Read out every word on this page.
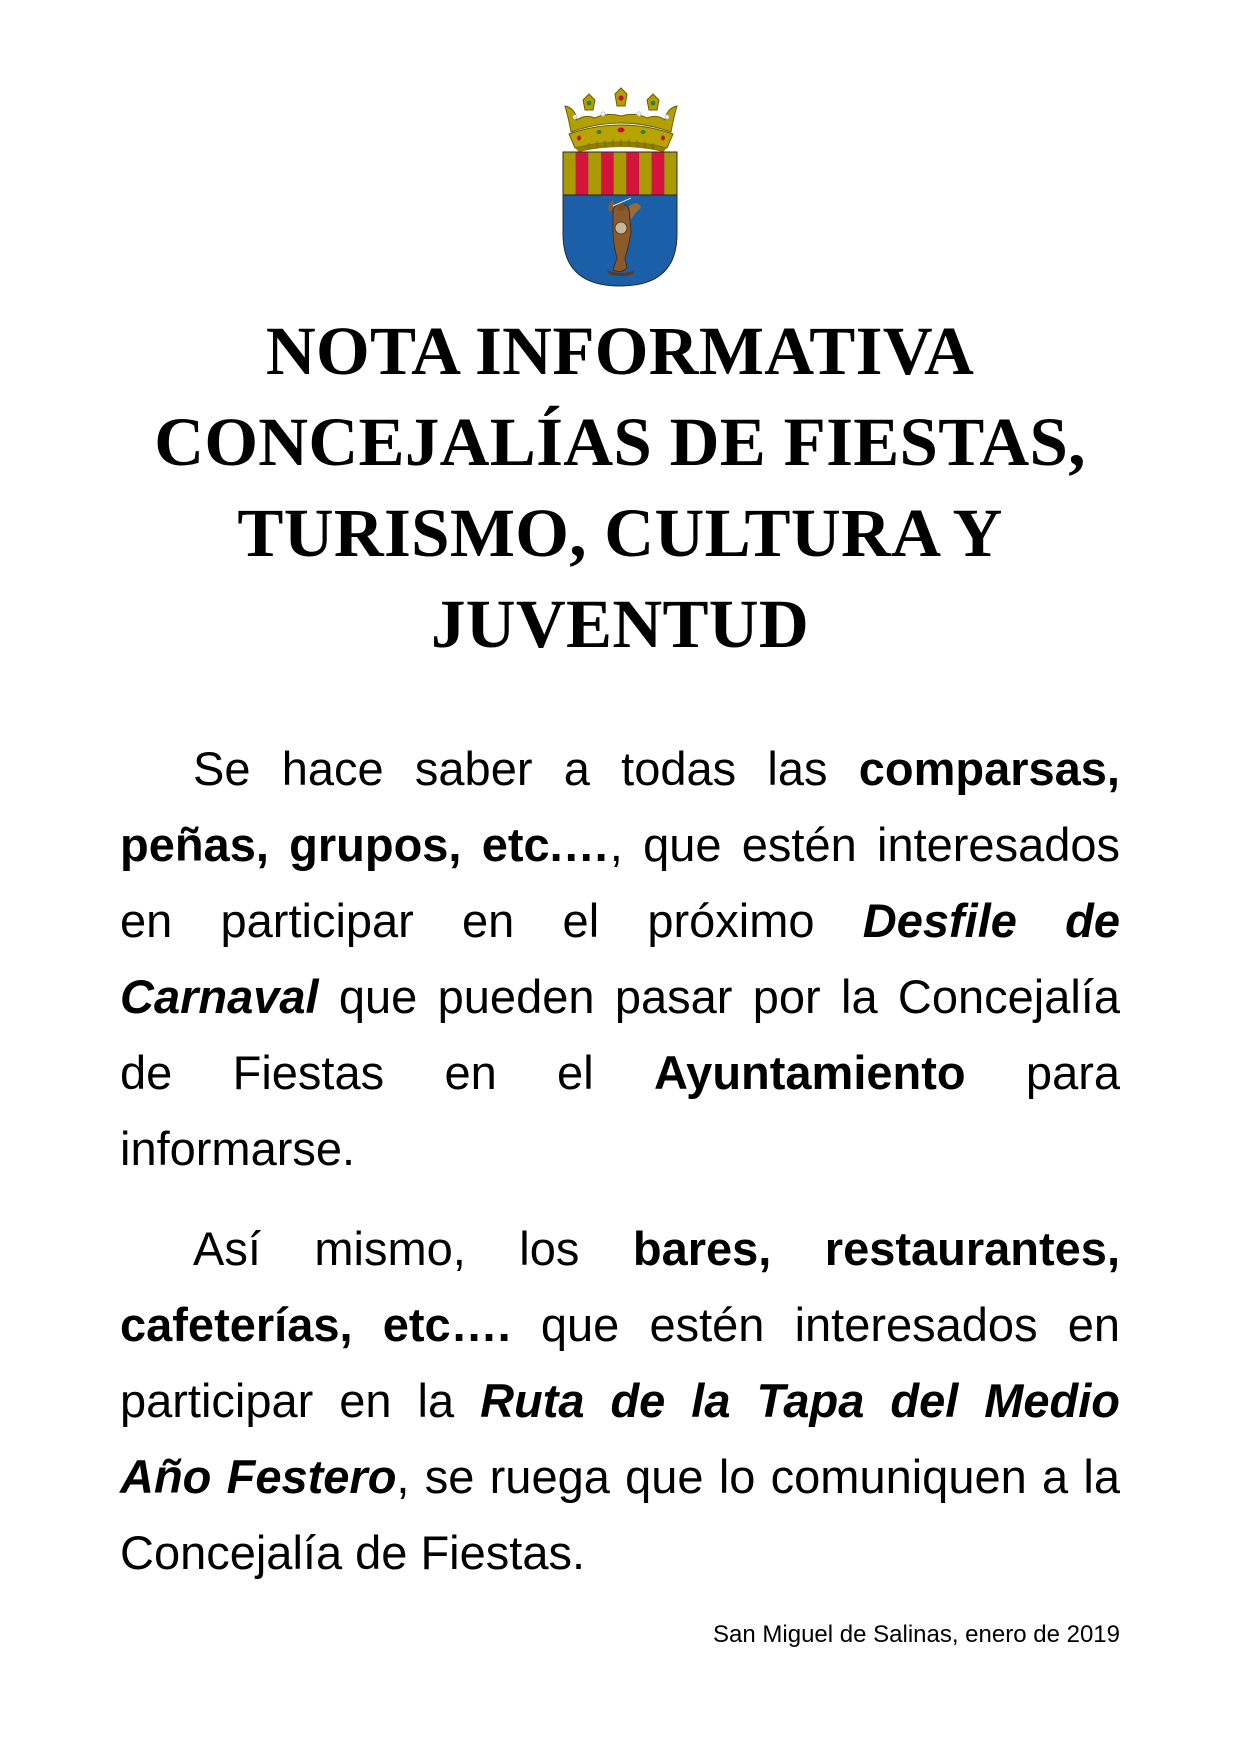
NOTA INFORMATIVA
CONCEJALÍAS DE FIESTAS,
TURISMO, CULTURA Y
JUVENTUD
Se hace saber a todas las comparsas,
peñas, grupos, etc.…, que estén interesados
en participar en el próximo Desfile de
Carnaval que pueden pasar por la Concejalía
de Fiestas en el Ayuntamiento para
informarse.
Así mismo, los bares, restaurantes,
cafeterías, etc…. que estén interesados en
participar en la Ruta de la Tapa del Medio
Año Festero, se ruega que lo comuniquen a la
Concejalía de Fiestas.
San Miguel de Salinas, enero de 2019
